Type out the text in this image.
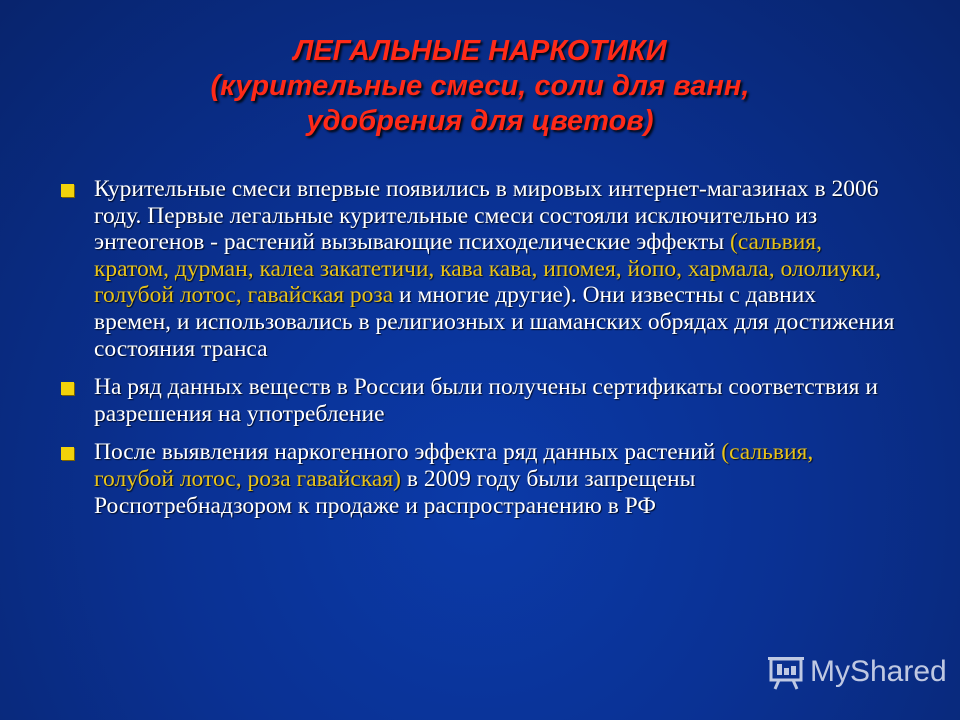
ЛЕГАЛЬНЫЕ НАРКОТИКИ
(курительные смеси, соли для ванн,
удобрения для цветов)
Курительные смеси впервые появились в мировых интернет-магазинах в 2006 году. Первые легальные курительные смеси состояли исключительно из энтеогенов - растений вызывающие психоделические эффекты (сальвия, кратом, дурман, калеа закатетичи, кава кава, ипомея, йопо, хармала, ололиуки, голубой лотос, гавайская роза и многие другие). Они известны с давних времен, и использовались в религиозных и шаманских обрядах для достижения состояния транса
На ряд данных веществ в России были получены сертификаты соответствия и разрешения на употребление
После выявления наркогенного эффекта ряд данных растений (сальвия, голубой лотос, роза гавайская) в 2009 году были запрещены Роспотребнадзором к продаже и распространению в РФ
MyShared
